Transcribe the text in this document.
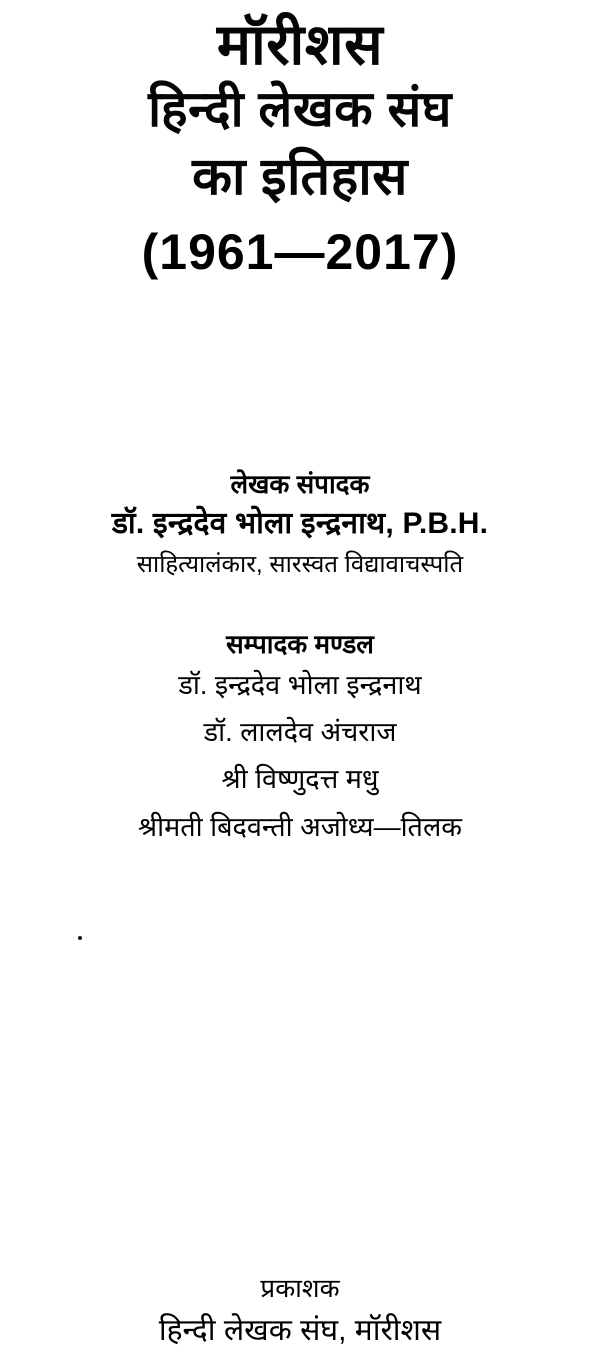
मॉरीशस
हिन्दी लेखक संघ
का इतिहास
(1961—2017)
लेखक संपादक
डॉ. इन्द्रदेव भोला इन्द्रनाथ, P.B.H.
साहित्यालंकार, सारस्वत विद्यावाचस्पति
सम्पादक मण्डल
डॉ. इन्द्रदेव भोला इन्द्रनाथ
डॉ. लालदेव अंचराज
श्री विष्णुदत्त मधु
श्रीमती बिदवन्ती अजोध्य—तिलक
प्रकाशक
हिन्दी लेखक संघ, मॉरीशस
